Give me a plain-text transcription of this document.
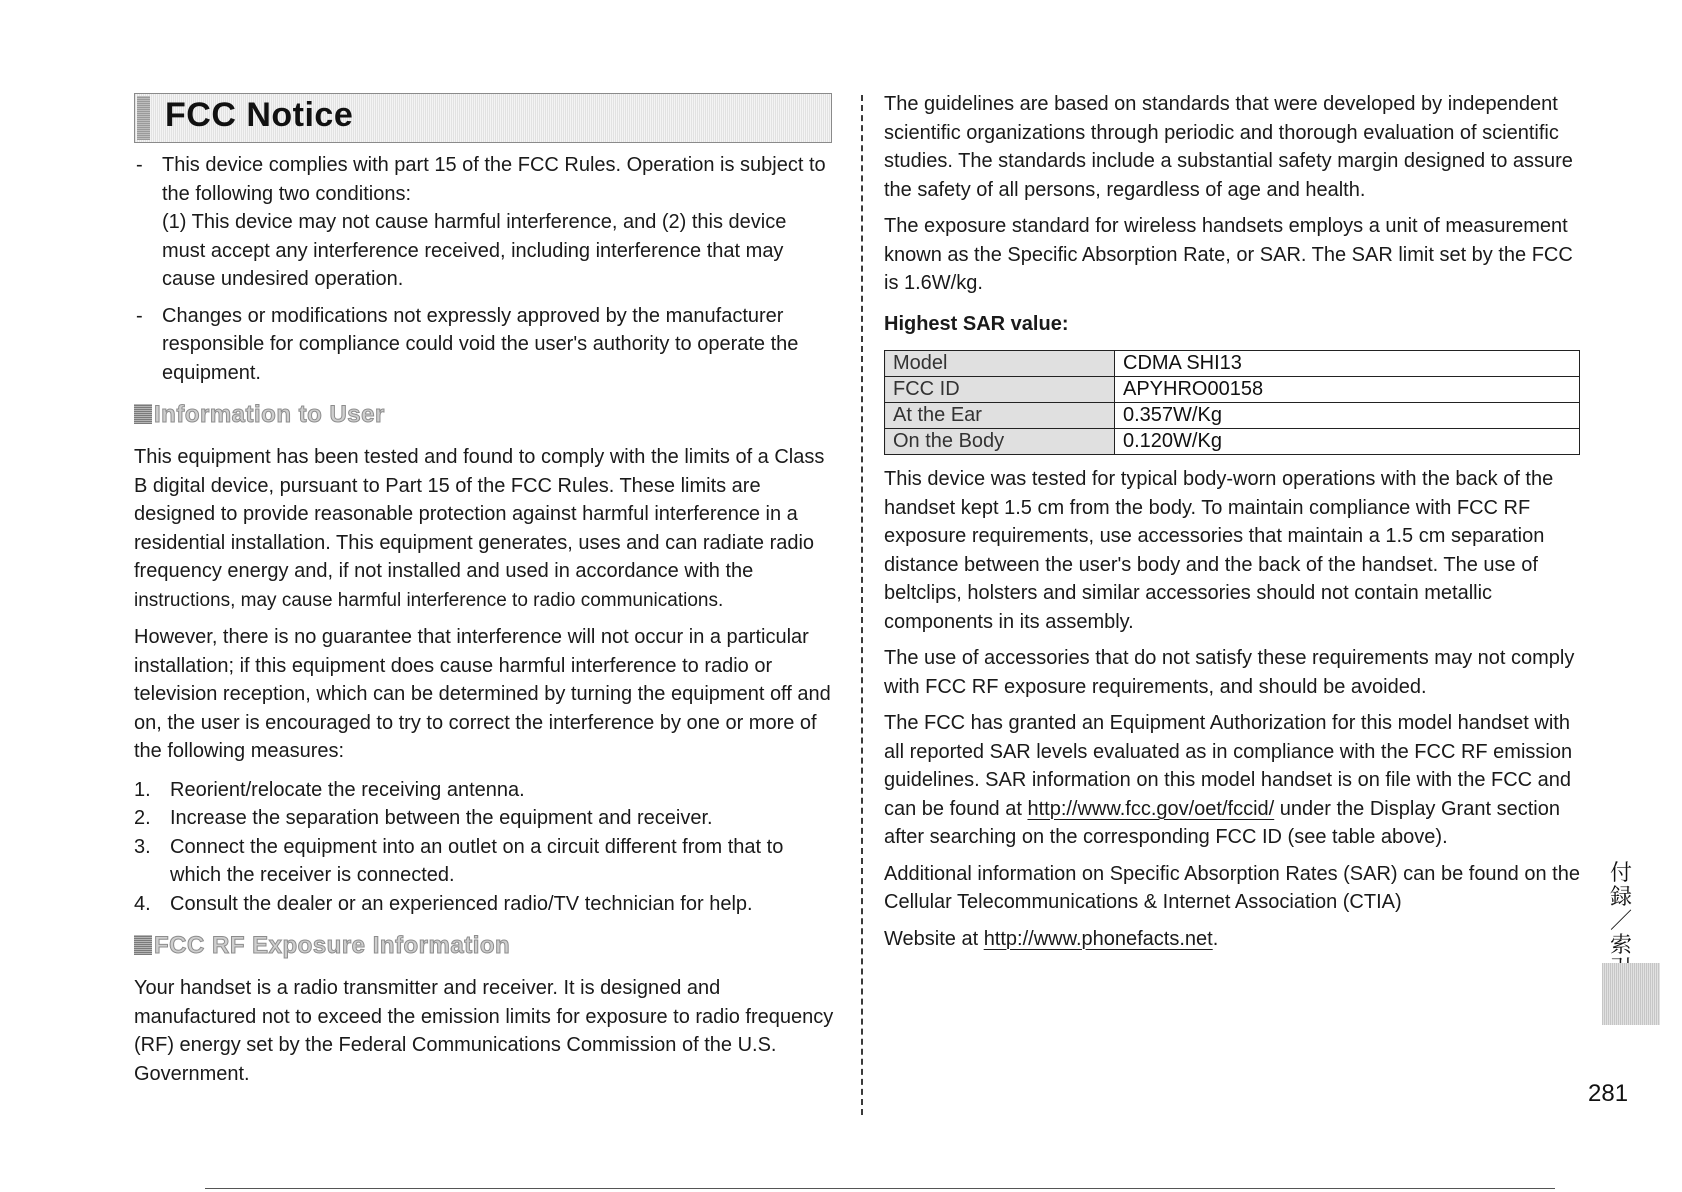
FCC Notice
- This device complies with part 15 of the FCC Rules. Operation is subject to the following two conditions:

(1) This device may not cause harmful interference, and (2) this device must accept any interference received, including interference that may cause undesired operation.

- Changes or modifications not expressly approved by the manufacturer responsible for compliance could void the user's authority to operate the equipment.

Information to User

This equipment has been tested and found to comply with the limits of a Class B digital device, pursuant to Part 15 of the FCC Rules. These limits are designed to provide reasonable protection against harmful interference in a residential installation. This equipment generates, uses and can radiate radio frequency energy and, if not installed and used in accordance with the instructions, may cause harmful interference to radio communications.

However, there is no guarantee that interference will not occur in a particular installation; if this equipment does cause harmful interference to radio or television reception, which can be determined by turning the equipment off and on, the user is encouraged to try to correct the interference by one or more of the following measures:

1. Reorient/relocate the receiving antenna.

2. Increase the separation between the equipment and receiver.

3. Connect the equipment into an outlet on a circuit different from that to which the receiver is connected.

4. Consult the dealer or an experienced radio/TV technician for help.

FCC RF Exposure Information

Your handset is a radio transmitter and receiver. It is designed and manufactured not to exceed the emission limits for exposure to radio frequency (RF) energy set by the Federal Communications Commission of the U.S. Government.

The guidelines are based on standards that were developed by independent scientific organizations through periodic and thorough evaluation of scientific studies. The standards include a substantial safety margin designed to assure the safety of all persons, regardless of age and health.

The exposure standard for wireless handsets employs a unit of measurement known as the Specific Absorption Rate, or SAR. The SAR limit set by the FCC is 1.6W/kg.

Highest SAR value:

Model	CDMA SHI13
FCC ID	APYHRO00158
At the Ear	0.357W/Kg
On the Body	0.120W/Kg

This device was tested for typical body-worn operations with the back of the handset kept 1.5 cm from the body. To maintain compliance with FCC RF exposure requirements, use accessories that maintain a 1.5 cm separation distance between the user's body and the back of the handset. The use of beltclips, holsters and similar accessories should not contain metallic components in its assembly.

The use of accessories that do not satisfy these requirements may not comply with FCC RF exposure requirements, and should be avoided.

The FCC has granted an Equipment Authorization for this model handset with all reported SAR levels evaluated as in compliance with the FCC RF emission guidelines. SAR information on this model handset is on file with the FCC and can be found at http://www.fcc.gov/oet/fccid/ under the Display Grant section after searching on the corresponding FCC ID (see table above).

Additional information on Specific Absorption Rates (SAR) can be found on the Cellular Telecommunications & Internet Association (CTIA)

Website at http://www.phonefacts.net.

付
録
／
索
281
